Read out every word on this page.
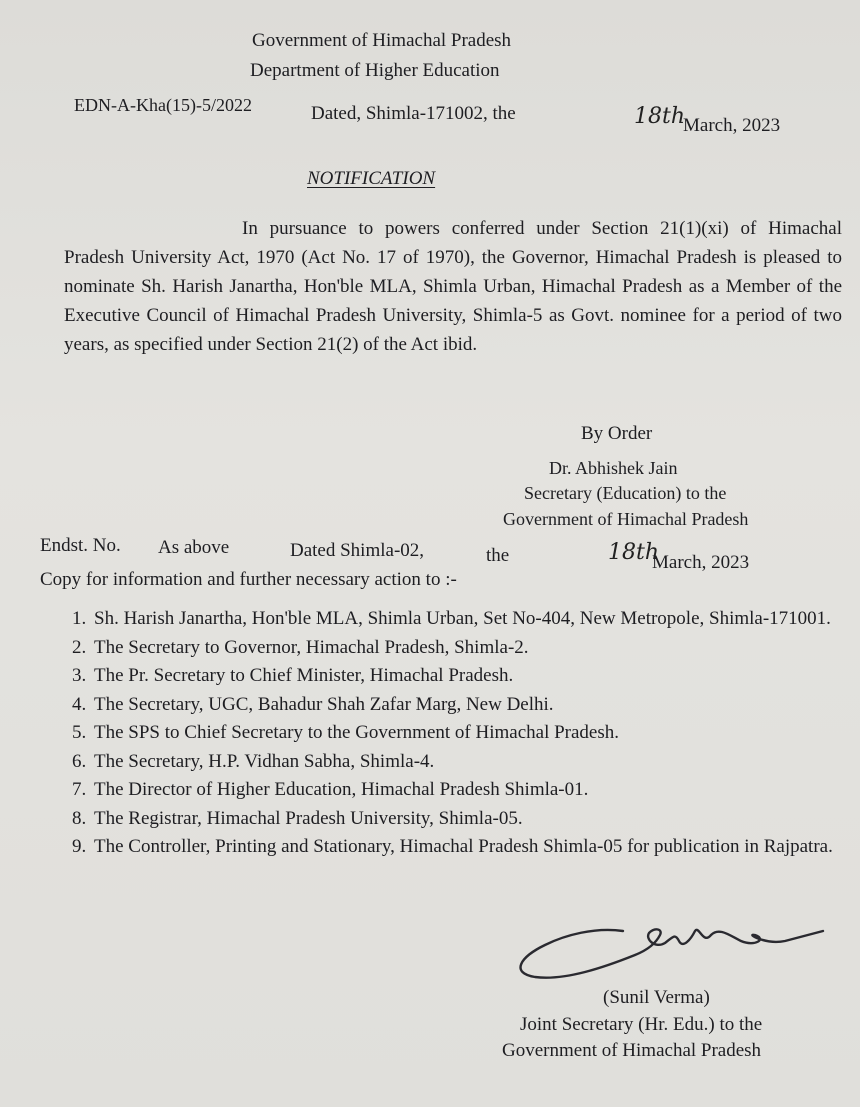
Government of Himachal Pradesh
Department of Higher Education
EDN-A-Kha(15)-5/2022	Dated, Shimla-171002, the	18th
March, 2023
NOTIFICATION
In pursuance to powers conferred under Section 21(1)(xi) of Himachal Pradesh University Act, 1970 (Act No. 17 of 1970), the Governor, Himachal Pradesh is pleased to nominate Sh. Harish Janartha, Hon'ble MLA, Shimla Urban, Himachal Pradesh as a Member of the Executive Council of Himachal Pradesh University, Shimla-5 as Govt. nominee for a period of two years, as specified under Section 21(2) of the Act ibid.
By Order
Dr. Abhishek Jain
Secretary (Education) to the
Government of Himachal Pradesh
Endst. No. As above	Dated Shimla-02,	the	18th
March, 2023
Copy for information and further necessary action to :-
1. Sh. Harish Janartha, Hon'ble MLA, Shimla Urban, Set No-404, New Metropole, Shimla-171001.
2. The Secretary to Governor, Himachal Pradesh, Shimla-2.
3. The Pr. Secretary to Chief Minister, Himachal Pradesh.
4. The Secretary, UGC, Bahadur Shah Zafar Marg, New Delhi.
5. The SPS to Chief Secretary to the Government of Himachal Pradesh.
6. The Secretary, H.P. Vidhan Sabha, Shimla-4.
7. The Director of Higher Education, Himachal Pradesh Shimla-01.
8. The Registrar, Himachal Pradesh University, Shimla-05.
9. The Controller, Printing and Stationary, Himachal Pradesh Shimla-05 for publication in Rajpatra.
(Sunil Verma)
Joint Secretary (Hr. Edu.) to the
Government of Himachal Pradesh
